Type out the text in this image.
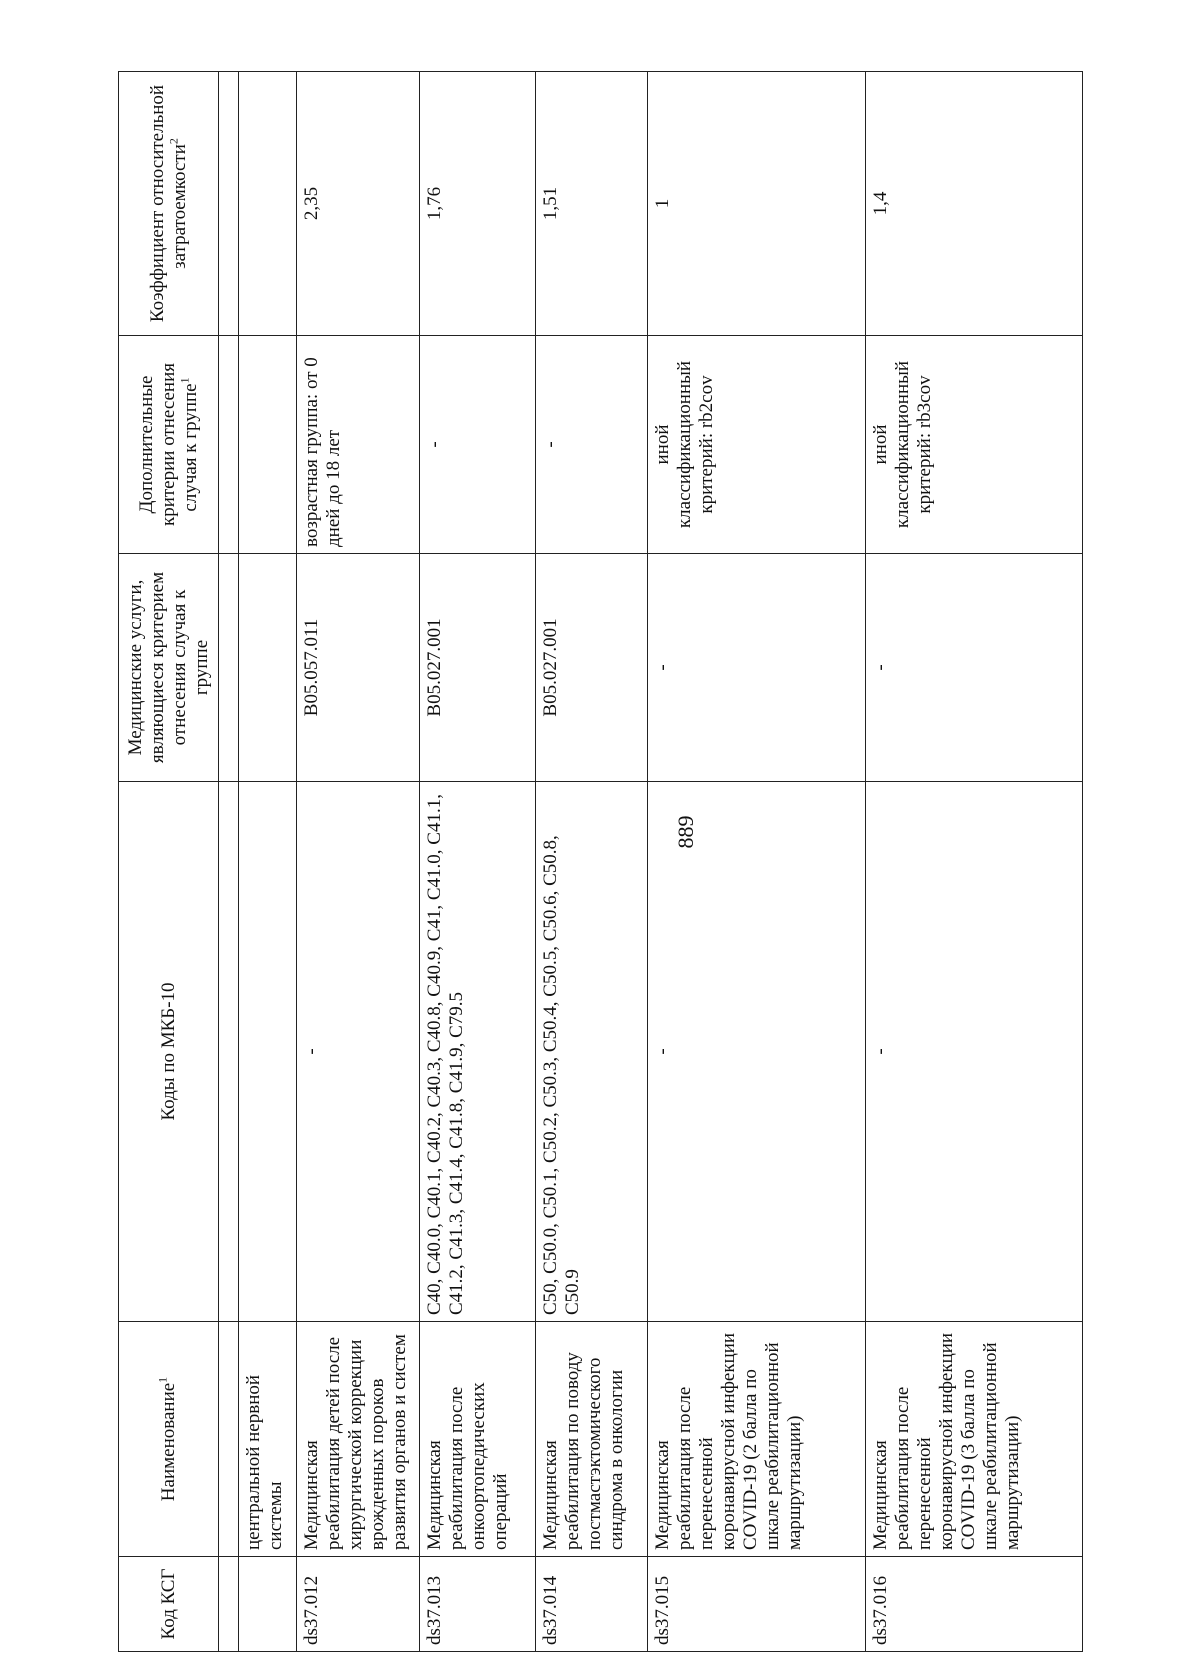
889
Код КСГ	Наименование$^1$	Коды по МКБ-10	Медицинские услуги, являющиеся критерием отнесения случая к группе	Дополнительные критерии отнесения случая к группе$^1$	Коэффициент относительной затратоемкости$^2$

	центральной нервной системы				
ds37.012	Медицинская реабилитация детей после хирургической коррекции врожденных пороков развития органов и систем	-	B05.057.011	возрастная группа: от 0 дней до 18 лет	2,35
ds37.013	Медицинская реабилитация после онкоортопедических операций	C40, C40.0, C40.1, C40.2, C40.3, C40.8, C40.9, C41, C41.0, C41.1, C41.2, C41.3, C41.4, C41.8, C41.9, C79.5	B05.027.001	-	1,76
ds37.014	Медицинская реабилитация по поводу постмастэктомического синдрома в онкологии	C50, C50.0, C50.1, C50.2, C50.3, C50.4, C50.5, C50.6, C50.8, C50.9	B05.027.001	-	1,51
ds37.015	Медицинская реабилитация после перенесенной коронавирусной инфекции COVID-19 (2 балла по шкале реабилитационной маршрутизации)	-	-	иной классификационный критерий: rb2cov	1
ds37.016	Медицинская реабилитация после перенесенной коронавирусной инфекции COVID-19 (3 балла по шкале реабилитационной маршрутизации)	-	-	иной классификационный критерий: rb3cov	1,4
